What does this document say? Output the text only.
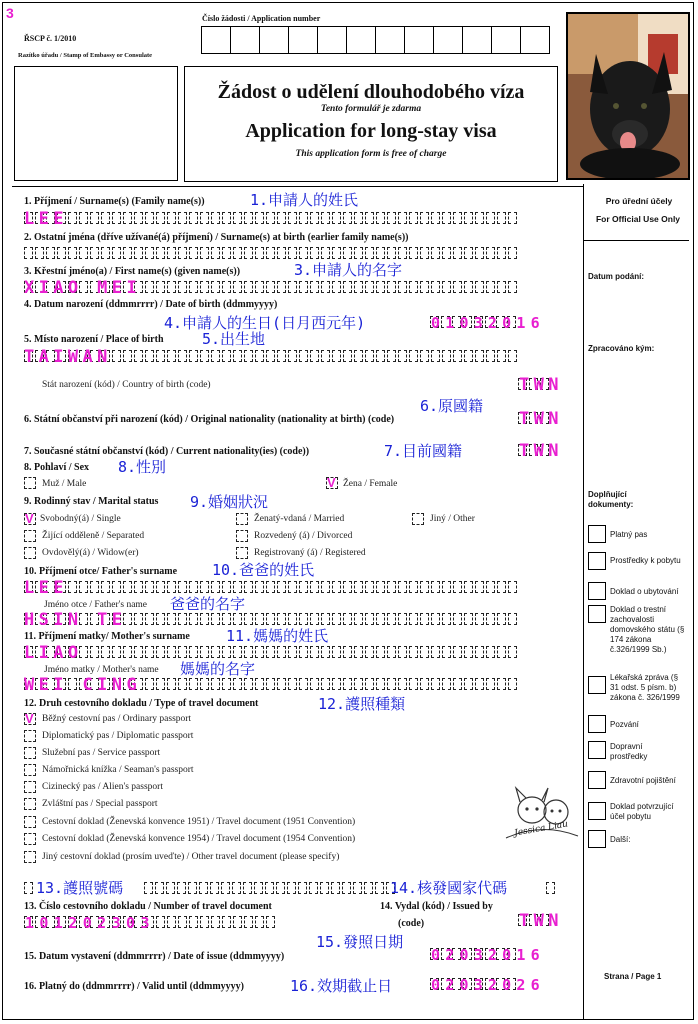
3
ŘSCP č. 1/2010
Razítko úřadu / Stamp of Embassy or Consulate
Číslo žádosti / Application number
Žádost o udělení dlouhodobého víza
Tento formulář je zdarma
Application for long-stay visa
This application form is free of charge
Pro úřední účely
For Official Use Only
Datum podání:
Zpracováno kým:
Doplňující dokumenty:
Platný pas
Prostředky k pobytu
Doklad o ubytování
Doklad o trestní zachovalosti domovského státu (§ 174 zákona č.326/1999 Sb.)
Lékařská zpráva (§ 31 odst. 5 písm. b) zákona č. 326/1999
Pozvání
Dopravní prostředky
Zdravotní pojištění
Doklad potvrzující účel pobytu
Další:
Strana / Page 1
1. Příjmení / Surname(s) (Family name(s))	1.申請人的姓氏
LEE
2. Ostatní jména (dříve užívané(á) příjmení) / Surname(s) at birth (earlier family name(s))
3. Křestní jméno(a) / First name(s) (given name(s))	3.申請人的名字
XIAO MEI
4. Datum narození (ddmmrrrr) / Date of birth (ddmmyyyy)
4.申請人的生日(日月西元年)	01032016
5. Místo narození / Place of birth	5.出生地
TAIWAN
Stát narození (kód) / Country of birth (code)	TWN
6.原國籍
6. Státní občanství při narození (kód) / Original nationality (nationality at birth) (code)	TWN
7. Současné státní občanství (kód) / Current nationality(ies) (code))	7.目前國籍	TWN
8. Pohlaví / Sex 8.性別
Muž / Male	V Žena / Female
9. Rodinný stav / Marital status 9.婚姻狀況
V Svobodný(á) / Single	Ženatý-vdaná / Married	Jiný / Other
Žijící odděleně / Separated	Rozvedený (á) / Divorced
Ovdovělý(á) / Widow(er)	Registrovaný (á) / Registered
10. Příjmení otce/ Father's surname 10.爸爸的姓氏
LEE
Jméno otce / Father's name 爸爸的名字
HSIN TE
11. Příjmení matky/ Mother's surname 11.媽媽的姓氏
LIAO
Jméno matky / Mother's name 媽媽的名字
WEI CING
12. Druh cestovního dokladu / Type of travel document	12.護照種類
V Běžný cestovní pas / Ordinary passport
Diplomatický pas / Diplomatic passport
Služební pas / Service passport
Námořnická knížka / Seaman's passport
Cizinecký pas / Alien's passport
Zvláštní pas / Special passport
Cestovní doklad (Ženevská konvence 1951) / Travel document (1951 Convention)
Cestovní doklad (Ženevská konvence 1954) / Travel document (1954 Convention)
Jiný cestovní doklad (prosím uveďte) / Other travel document (please specify)
Jessica Liau
13.護照號碼	14.核發國家代碼
13. Číslo cestovního dokladu / Number of travel document	14. Vydal (kód) / Issued by
101202303	(code)	TWN
15.發照日期
15. Datum vystavení (ddmmrrrr) / Date of issue (ddmmyyyy)	02032016
16. Platný do (ddmmrrrr) / Valid until (ddmmyyyy)	16.效期截止日	02032026
